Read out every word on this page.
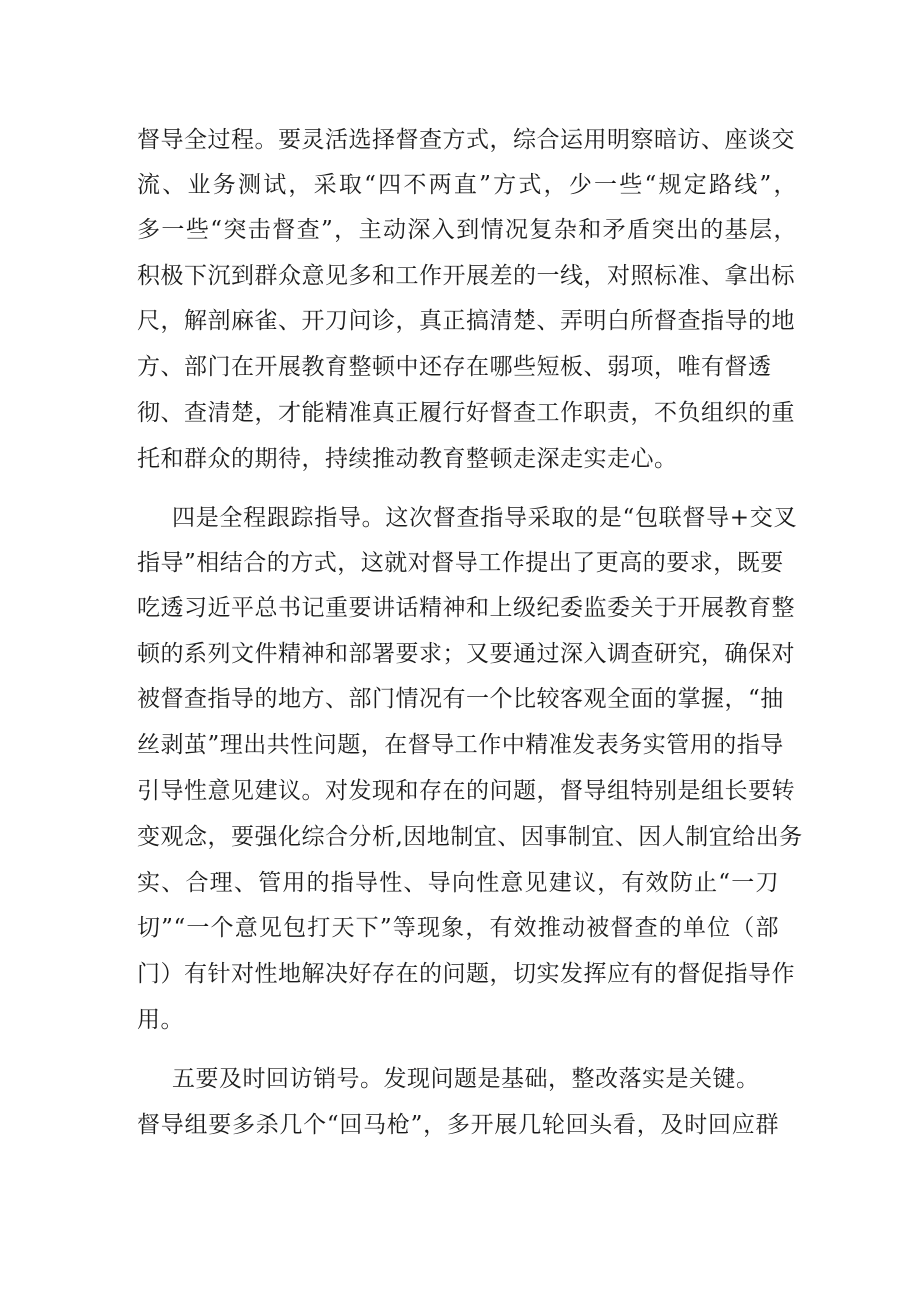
督导全过程。要灵活选择督查方式，综合运用明察暗访、座谈交
流、业务测试，采取“四不两直”方式，少一些“规定路线”，
多一些“突击督查”，主动深入到情况复杂和矛盾突出的基层，
积极下沉到群众意见多和工作开展差的一线，对照标准、拿出标
尺，解剖麻雀、开刀问诊，真正搞清楚、弄明白所督查指导的地
方、部门在开展教育整顿中还存在哪些短板、弱项，唯有督透
彻、查清楚，才能精准真正履行好督查工作职责，不负组织的重
托和群众的期待，持续推动教育整顿走深走实走心。
四是全程跟踪指导。这次督查指导采取的是“包联督导+交叉
指导”相结合的方式，这就对督导工作提出了更高的要求，既要
吃透习近平总书记重要讲话精神和上级纪委监委关于开展教育整
顿的系列文件精神和部署要求；又要通过深入调查研究，确保对
被督查指导的地方、部门情况有一个比较客观全面的掌握，“抽
丝剥茧”理出共性问题，在督导工作中精准发表务实管用的指导
引导性意见建议。对发现和存在的问题，督导组特别是组长要转
变观念，要强化综合分析,因地制宜、因事制宜、因人制宜给出务
实、合理、管用的指导性、导向性意见建议，有效防止“一刀
切”“一个意见包打天下”等现象，有效推动被督查的单位（部
门）有针对性地解决好存在的问题，切实发挥应有的督促指导作
用。
五要及时回访销号。发现问题是基础，整改落实是关键。
督导组要多杀几个“回马枪”，多开展几轮回头看，及时回应群
